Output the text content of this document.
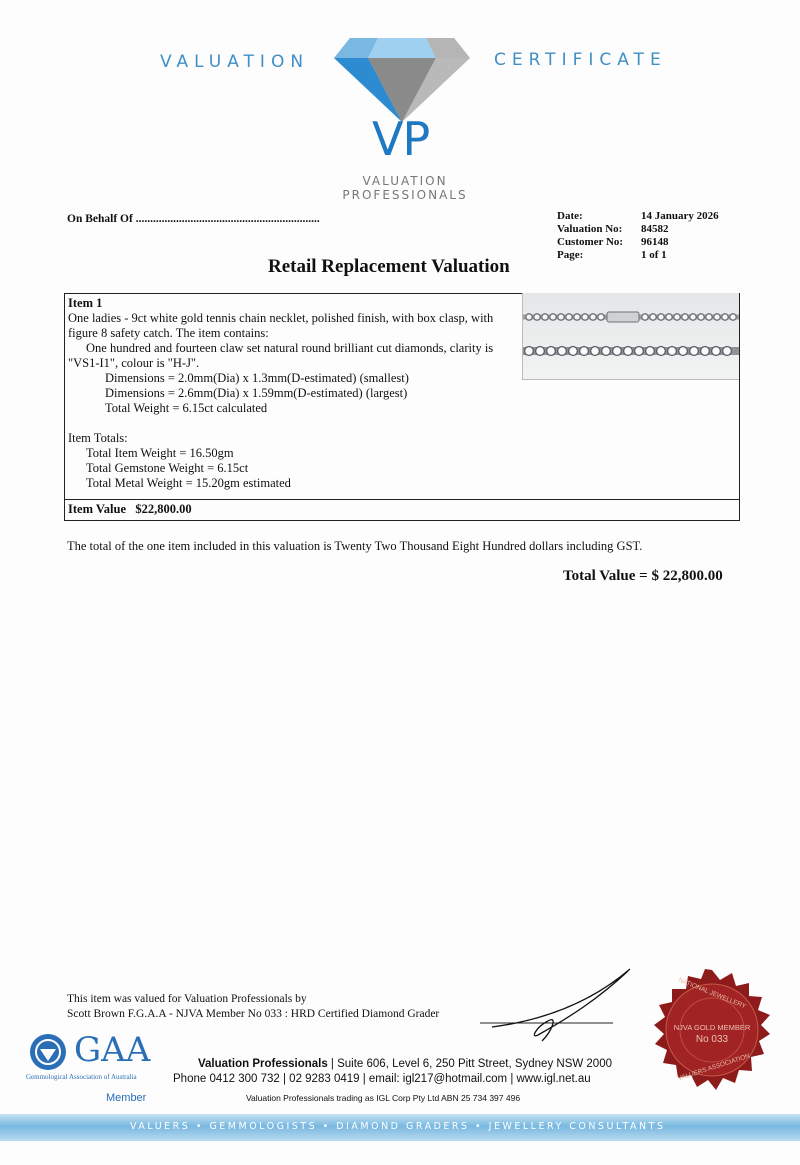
VALUATION	CERTIFICATE
VP
VALUATION
PROFESSIONALS
On Behalf Of ................................................................	Date:
Valuation No:
Customer No:
Page:
14 January 2026
84582
96148
1 of 1
Retail Replacement Valuation
Item 1
One ladies - 9ct white gold tennis chain necklet, polished finish, with box clasp, with
figure 8 safety catch. The item contains:
One hundred and fourteen claw set natural round brilliant cut diamonds, clarity is
"VS1-I1", colour is "H-J".
Dimensions = 2.0mm(Dia) x 1.3mm(D-estimated) (smallest)
Dimensions = 2.6mm(Dia) x 1.59mm(D-estimated) (largest)
Total Weight = 6.15ct calculated
Item Totals:
Total Item Weight = 16.50gm
Total Gemstone Weight = 6.15ct
Total Metal Weight = 15.20gm estimated
Item Value $22,800.00
The total of the one item included in this valuation is Twenty Two Thousand Eight Hundred dollars including GST.
Total Value = $ 22,800.00
This item was valued for Valuation Professionals by
Scott Brown F.G.A.A - NJVA Member No 033 : HRD Certified Diamond Grader
GAA
Gemmological Association of Australia
Member
Valuation Professionals | Suite 606, Level 6, 250 Pitt Street, Sydney NSW 2000
Phone 0412 300 732 | 02 9283 0419 | email: igl217@hotmail.com | www.igl.net.au
Valuation Professionals trading as IGL Corp Pty Ltd ABN 25 734 397 496
NATIONAL JEWELLERY
NJVA GOLD MEMBER
No 033
VALUERS ASSOCIATION
VALUERS • GEMMOLOGISTS • DIAMOND GRADERS • JEWELLERY CONSULTANTS
